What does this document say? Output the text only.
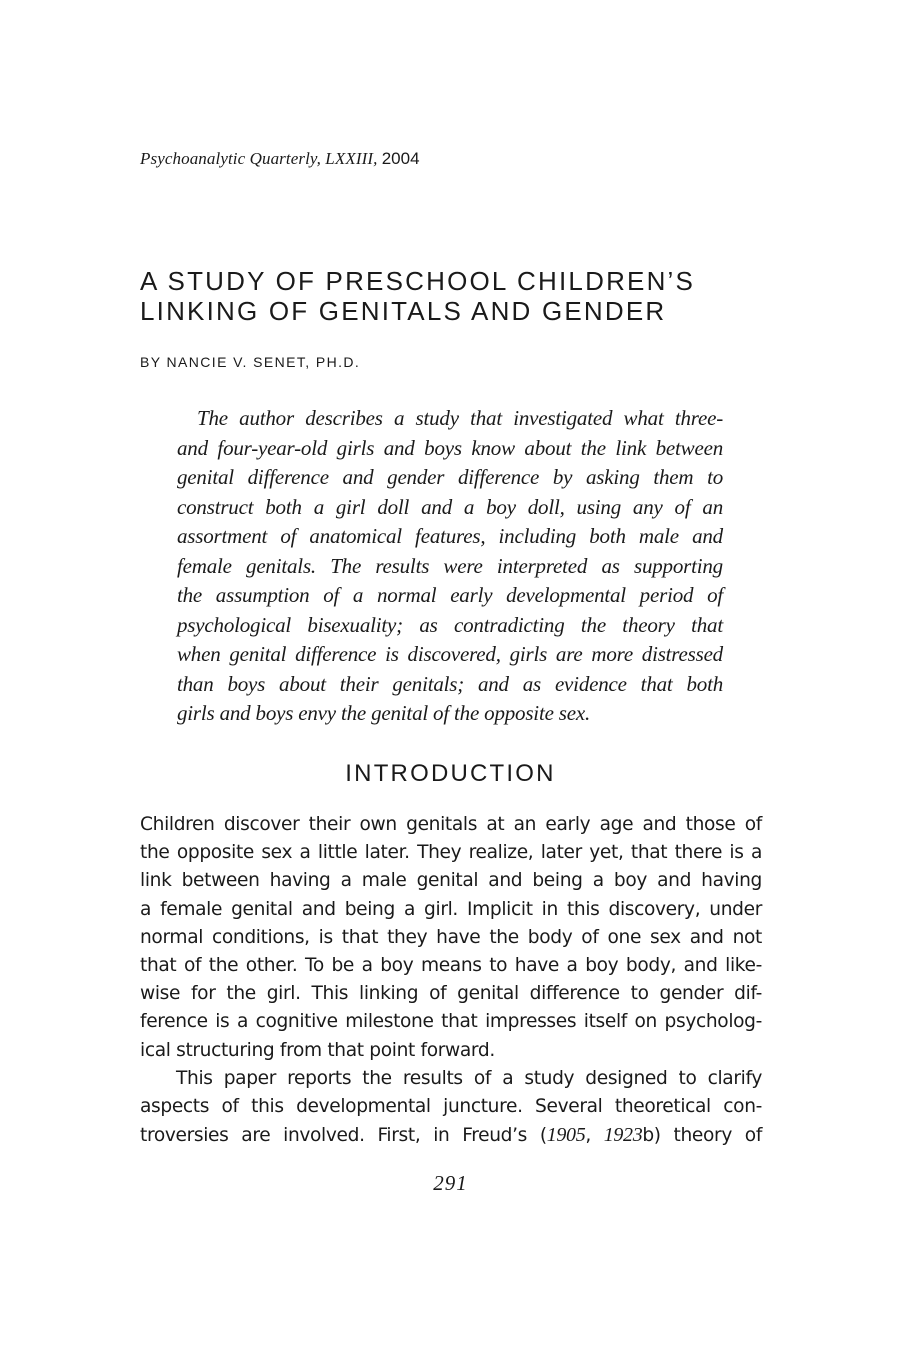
Psychoanalytic Quarterly, LXXIII, 2004
A STUDY OF PRESCHOOL CHILDREN’S
LINKING OF GENITALS AND GENDER
BY NANCIE V. SENET, PH.D.
The author describes a study that investigated what three-
and four-year-old girls and boys know about the link between
genital difference and gender difference by asking them to
construct both a girl doll and a boy doll, using any of an
assortment of anatomical features, including both male and
female genitals. The results were interpreted as supporting
the assumption of a normal early developmental period of
psychological bisexuality; as contradicting the theory that
when genital difference is discovered, girls are more distressed
than boys about their genitals; and as evidence that both
girls and boys envy the genital of the opposite sex.
INTRODUCTION
Children discover their own genitals at an early age and those of
the opposite sex a little later. They realize, later yet, that there is a
link between having a male genital and being a boy and having
a female genital and being a girl. Implicit in this discovery, under
normal conditions, is that they have the body of one sex and not
that of the other. To be a boy means to have a boy body, and like-
wise for the girl. This linking of genital difference to gender dif-
ference is a cognitive milestone that impresses itself on psycholog-
ical structuring from that point forward.
This paper reports the results of a study designed to clarify
aspects of this developmental juncture. Several theoretical con-
troversies are involved. First, in Freud’s (1905, 1923b) theory of
291
